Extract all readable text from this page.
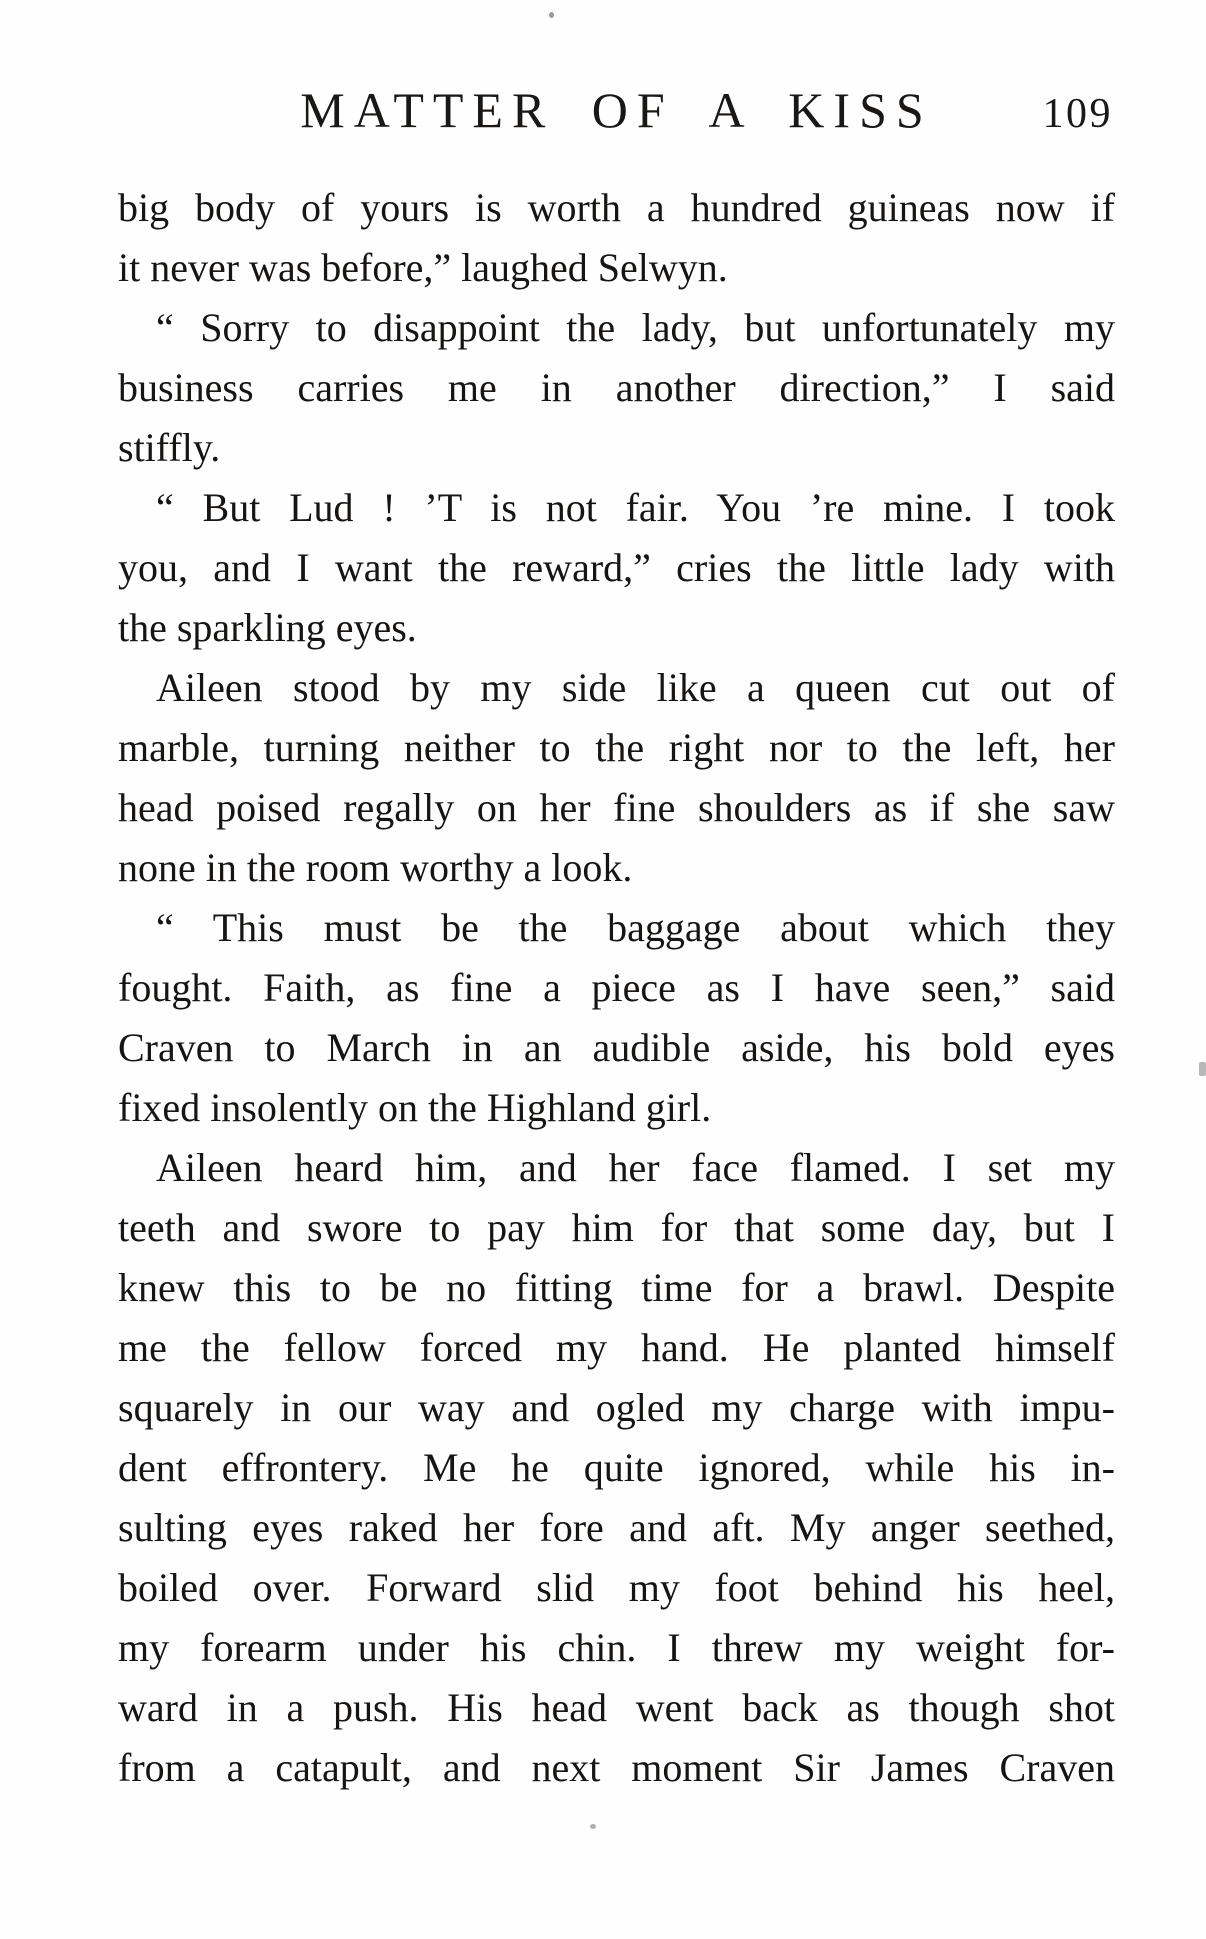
MATTER OF A KISS	109
big body of yours is worth a hundred guineas now if
it never was before,” laughed Selwyn.
“ Sorry to disappoint the lady, but unfortunately my
business carries me in another direction,” I said
stiffly.
“ But Lud ! ’T is not fair. You ’re mine. I took
you, and I want the reward,” cries the little lady with
the sparkling eyes.
Aileen stood by my side like a queen cut out of
marble, turning neither to the right nor to the left, her
head poised regally on her fine shoulders as if she saw
none in the room worthy a look.
“ This must be the baggage about which they
fought. Faith, as fine a piece as I have seen,” said
Craven to March in an audible aside, his bold eyes
fixed insolently on the Highland girl.
Aileen heard him, and her face flamed. I set my
teeth and swore to pay him for that some day, but I
knew this to be no fitting time for a brawl. Despite
me the fellow forced my hand. He planted himself
squarely in our way and ogled my charge with impu-
dent effrontery. Me he quite ignored, while his in-
sulting eyes raked her fore and aft. My anger seethed,
boiled over. Forward slid my foot behind his heel,
my forearm under his chin. I threw my weight for-
ward in a push. His head went back as though shot
from a catapult, and next moment Sir James Craven
